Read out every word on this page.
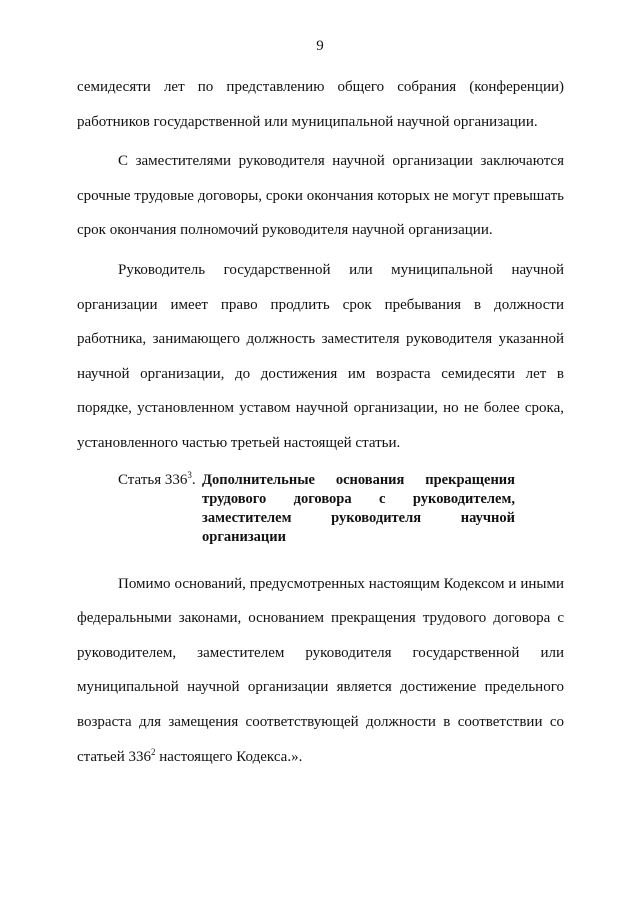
9

семидесяти лет по представлению общего собрания (конференции) работников государственной или муниципальной научной организации.

С заместителями руководителя научной организации заключаются срочные трудовые договоры, сроки окончания которых не могут превышать срок окончания полномочий руководителя научной организации.

Руководитель государственной или муниципальной научной организации имеет право продлить срок пребывания в должности работника, занимающего должность заместителя руководителя указанной научной организации, до достижения им возраста семидесяти лет в порядке, установленном уставом научной организации, но не более срока, установленного частью третьей настоящей статьи.

Статья $336^3$. Дополнительные основания прекращения трудового договора с руководителем, заместителем руководителя научной организации

Помимо оснований, предусмотренных настоящим Кодексом и иными федеральными законами, основанием прекращения трудового договора с руководителем, заместителем руководителя государственной или муниципальной научной организации является достижение предельного возраста для замещения соответствующей должности в соответствии со статьей $336^2$ настоящего Кодекса.».
